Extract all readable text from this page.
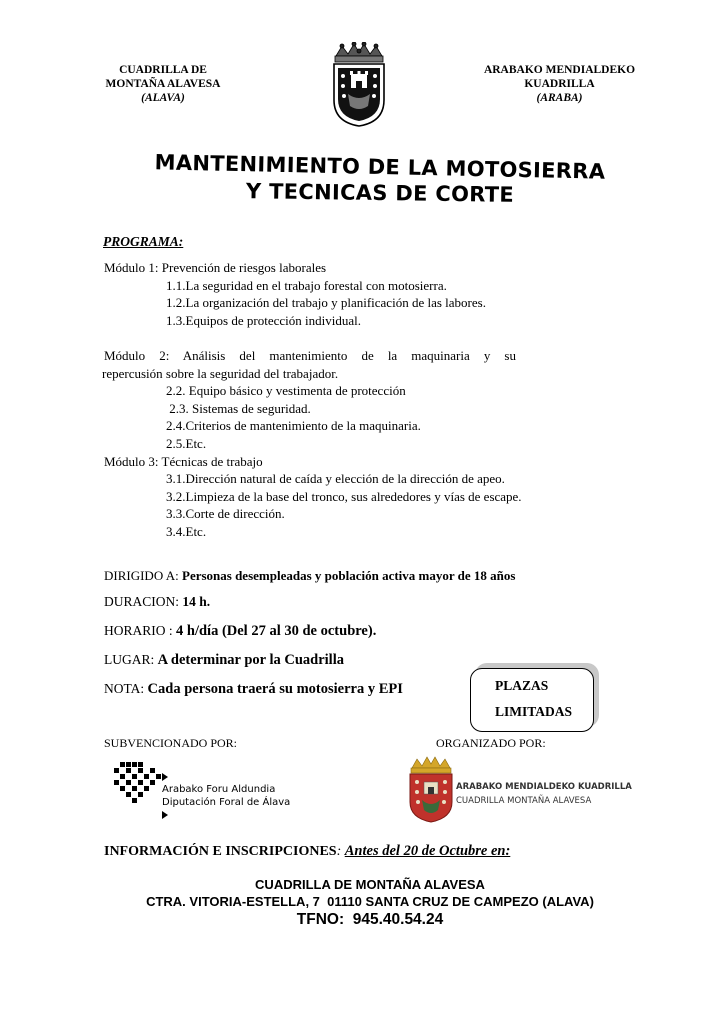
CUADRILLA DE
MONTAÑA ALAVESA
(ALAVA)
ARABAKO MENDIALDEKO
KUADRILLA
(ARABA)
MANTENIMIENTO DE LA MOTOSIERRA
Y TECNICAS DE CORTE
PROGRAMA:
Módulo 1: Prevención de riesgos laborales
1.1.La seguridad en el trabajo forestal con motosierra.
1.2.La organización del trabajo y planificación de las labores.
1.3.Equipos de protección individual.
Módulo 2: Análisis del mantenimiento de la maquinaria y su
repercusión sobre la seguridad del trabajador.
2.2. Equipo básico y vestimenta de protección
2.3. Sistemas de seguridad.
2.4.Criterios de mantenimiento de la maquinaria.
2.5.Etc.
Módulo 3: Técnicas de trabajo
3.1.Dirección natural de caída y elección de la dirección de apeo.
3.2.Limpieza de la base del tronco, sus alrededores y vías de escape.
3.3.Corte de dirección.
3.4.Etc.
DIRIGIDO A: Personas desempleadas y población activa mayor de 18 años
DURACION: 14 h.
HORARIO : 4 h/día (Del 27 al 30 de octubre).
LUGAR: A determinar por la Cuadrilla
NOTA: Cada persona traerá su motosierra y EPI	PLAZAS
LIMITADAS
SUBVENCIONADO POR:	ORGANIZADO POR:
Arabako Foru Aldundia
Diputación Foral de Álava
ARABAKO MENDIALDEKO KUADRILLA
CUADRILLA MONTAÑA ALAVESA
INFORMACIÓN E INSCRIPCIONES: Antes del 20 de Octubre en:
CUADRILLA DE MONTAÑA ALAVESA
CTRA. VITORIA-ESTELLA, 7  01110 SANTA CRUZ DE CAMPEZO (ALAVA)
TFNO:  945.40.54.24
